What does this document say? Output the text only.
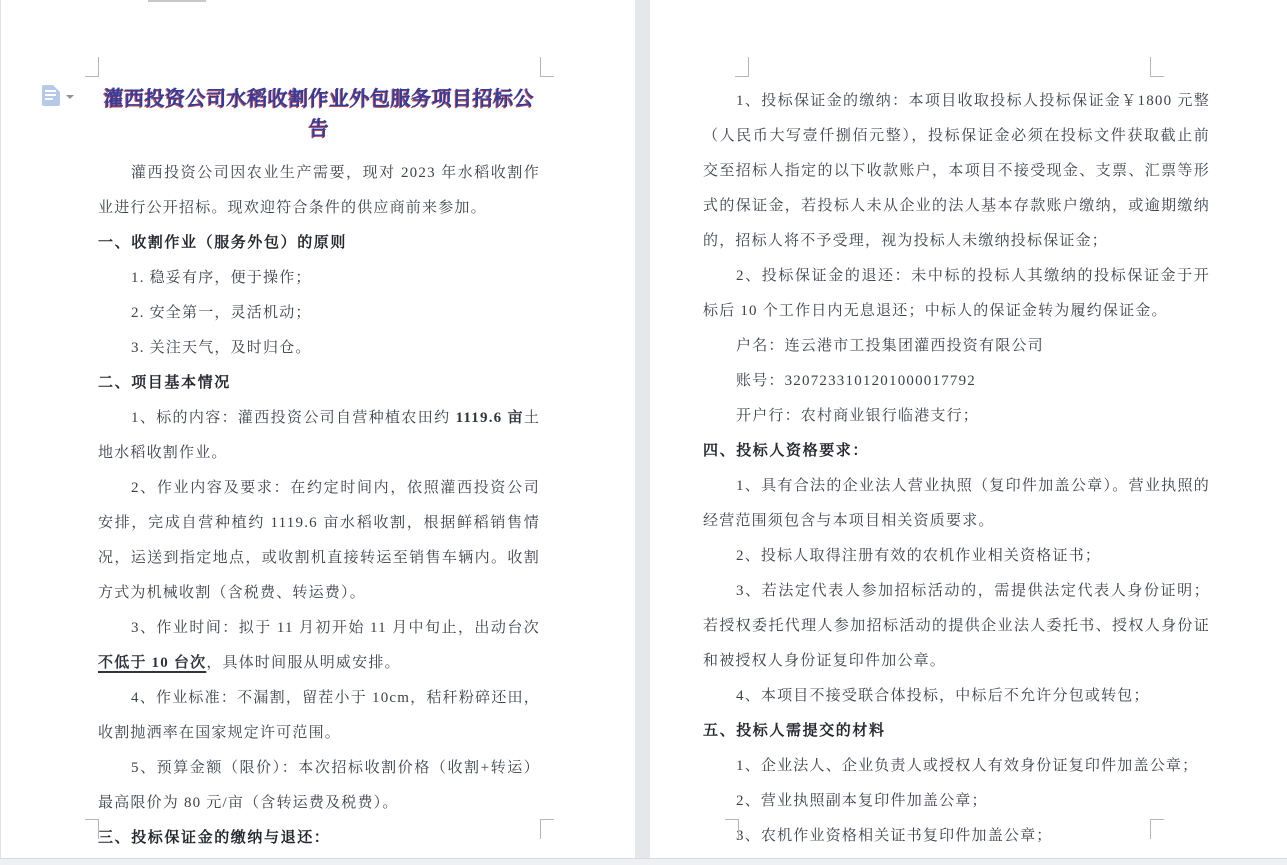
灌西投资公司水稻收割作业外包服务项目招标公告
灌西投资公司因农业生产需要，现对 2023 年水稻收割作业进行公开招标。现欢迎符合条件的供应商前来参加。
一、收割作业（服务外包）的原则
1. 稳妥有序，便于操作；
2. 安全第一，灵活机动；
3. 关注天气，及时归仓。
二、项目基本情况
1、标的内容：灌西投资公司自营种植农田约 1119.6 亩土地水稻收割作业。
2、作业内容及要求：在约定时间内，依照灌西投资公司安排，完成自营种植约 1119.6 亩水稻收割，根据鲜稻销售情况，运送到指定地点，或收割机直接转运至销售车辆内。收割方式为机械收割（含税费、转运费）。
3、作业时间：拟于 11 月初开始 11 月中旬止，出动台次不低于 10 台次，具体时间服从明威安排。
4、作业标准：不漏割，留茬小于 10cm，秸秆粉碎还田，收割抛洒率在国家规定许可范围。
5、预算金额（限价）：本次招标收割价格（收割+转运）最高限价为 80 元/亩（含转运费及税费）。
三、投标保证金的缴纳与退还：
1、投标保证金的缴纳：本项目收取投标人投标保证金￥1800 元整（人民币大写壹仟捌佰元整），投标保证金必须在投标文件获取截止前交至招标人指定的以下收款账户，本项目不接受现金、支票、汇票等形式的保证金，若投标人未从企业的法人基本存款账户缴纳，或逾期缴纳的，招标人将不予受理，视为投标人未缴纳投标保证金；
2、投标保证金的退还：未中标的投标人其缴纳的投标保证金于开标后 10 个工作日内无息退还；中标人的保证金转为履约保证金。
户名：连云港市工投集团灌西投资有限公司
账号：3207233101201000017792
开户行：农村商业银行临港支行；
四、投标人资格要求：
1、具有合法的企业法人营业执照（复印件加盖公章）。营业执照的经营范围须包含与本项目相关资质要求。
2、投标人取得注册有效的农机作业相关资格证书；
3、若法定代表人参加招标活动的，需提供法定代表人身份证明；若授权委托代理人参加招标活动的提供企业法人委托书、授权人身份证和被授权人身份证复印件加公章。
4、本项目不接受联合体投标，中标后不允许分包或转包；
五、投标人需提交的材料
1、企业法人、企业负责人或授权人有效身份证复印件加盖公章；
2、营业执照副本复印件加盖公章；
3、农机作业资格相关证书复印件加盖公章；
